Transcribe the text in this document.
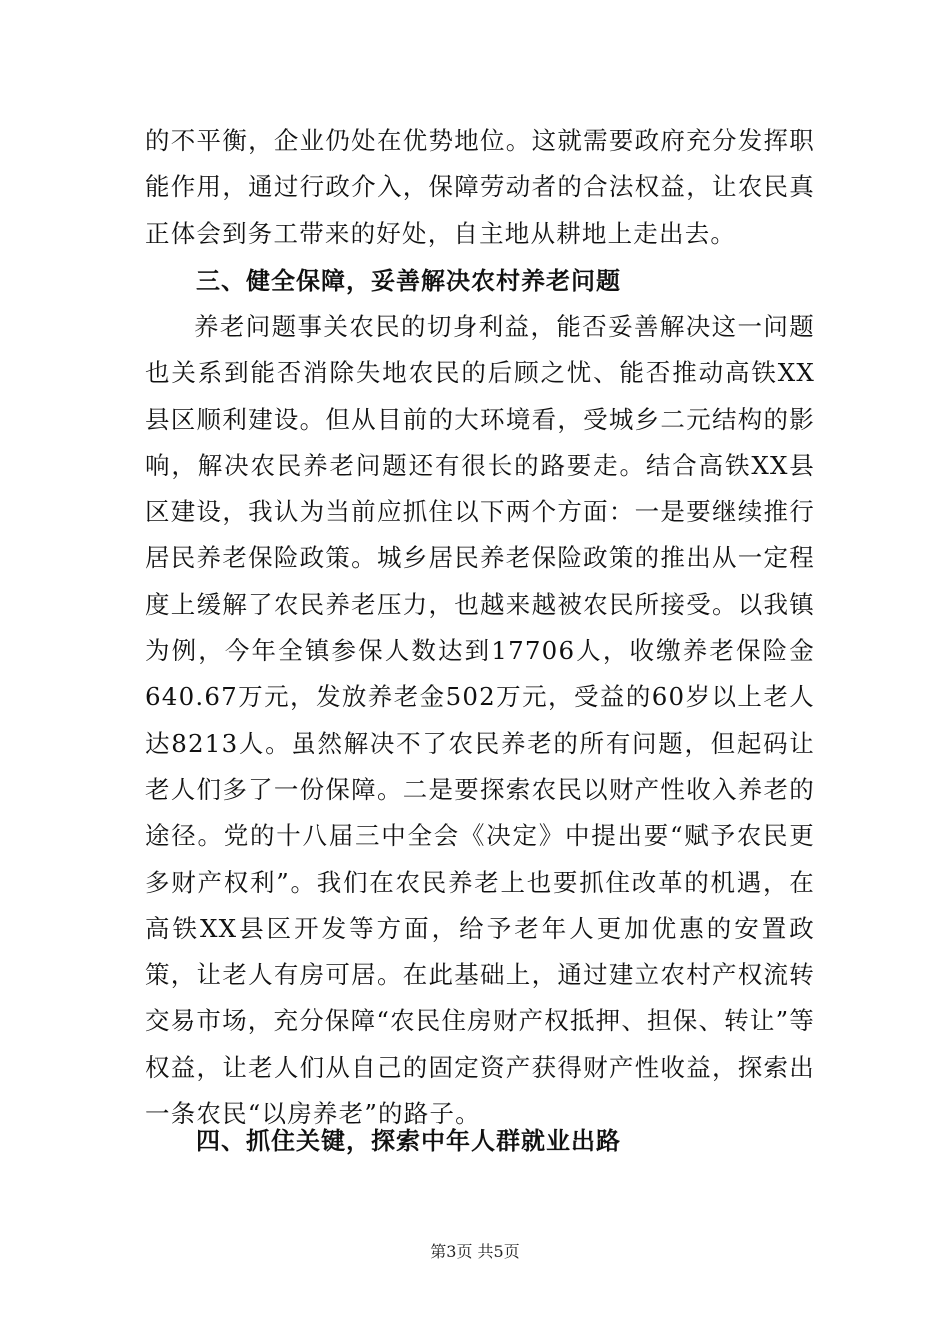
的不平衡，企业仍处在优势地位。这就需要政府充分发挥职能作用，通过行政介入，保障劳动者的合法权益，让农民真正体会到务工带来的好处，自主地从耕地上走出去。

三、健全保障，妥善解决农村养老问题

养老问题事关农民的切身利益，能否妥善解决这一问题也关系到能否消除失地农民的后顾之忧、能否推动高铁XX县区顺利建设。但从目前的大环境看，受城乡二元结构的影响，解决农民养老问题还有很长的路要走。结合高铁XX县区建设，我认为当前应抓住以下两个方面：一是要继续推行居民养老保险政策。城乡居民养老保险政策的推出从一定程度上缓解了农民养老压力，也越来越被农民所接受。以我镇为例，今年全镇参保人数达到17706人，收缴养老保险金640.67万元，发放养老金502万元，受益的60岁以上老人达8213人。虽然解决不了农民养老的所有问题，但起码让老人们多了一份保障。二是要探索农民以财产性收入养老的途径。党的十八届三中全会《决定》中提出要“赋予农民更多财产权利”。我们在农民养老上也要抓住改革的机遇，在高铁XX县区开发等方面，给予老年人更加优惠的安置政策，让老人有房可居。在此基础上，通过建立农村产权流转交易市场，充分保障“农民住房财产权抵押、担保、转让”等权益，让老人们从自己的固定资产获得财产性收益，探索出一条农民“以房养老”的路子。

四、抓住关键，探索中年人群就业出路
第3页 共5页
